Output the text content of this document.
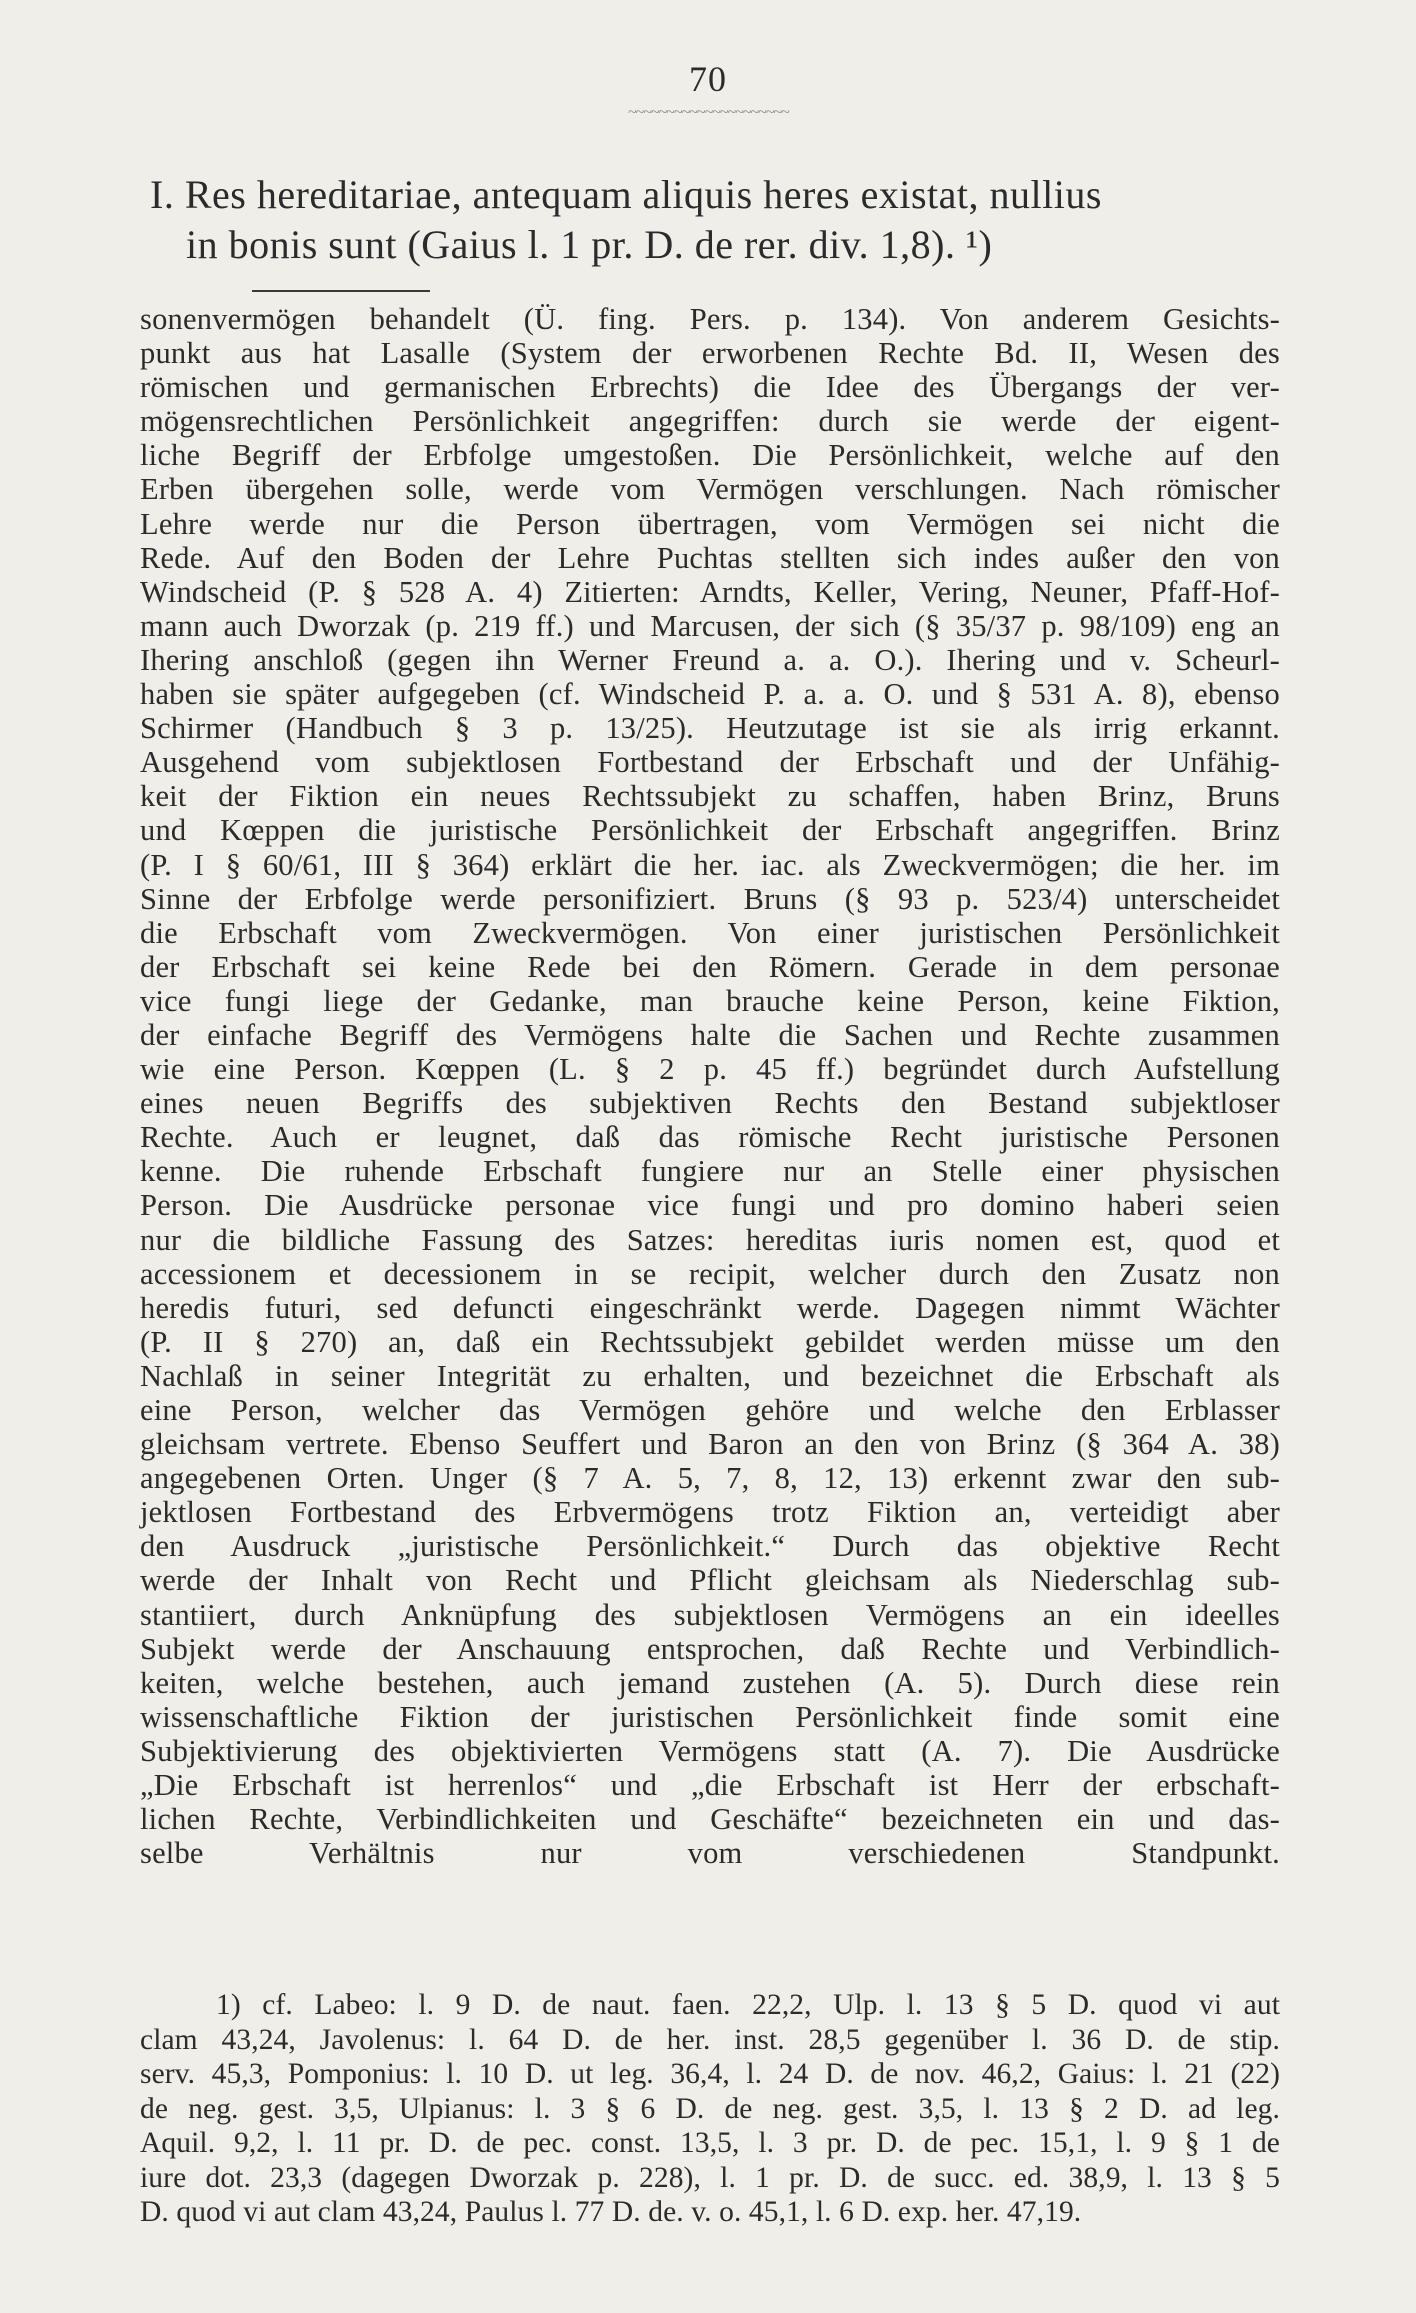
70
~~~~~~~~~~~~~~~~~~~~~
I. Res hereditariae, antequam aliquis heres existat, nullius
in bonis sunt (Gaius l. 1 pr. D. de rer. div. 1,8). ¹)
sonenvermögen behandelt (Ü. fing. Pers. p. 134). Von anderem Gesichts-
punkt aus hat Lasalle (System der erworbenen Rechte Bd. II, Wesen des
römischen und germanischen Erbrechts) die Idee des Übergangs der ver-
mögensrechtlichen Persönlichkeit angegriffen: durch sie werde der eigent-
liche Begriff der Erbfolge umgestoßen. Die Persönlichkeit, welche auf den
Erben übergehen solle, werde vom Vermögen verschlungen. Nach römischer
Lehre werde nur die Person übertragen, vom Vermögen sei nicht die
Rede. Auf den Boden der Lehre Puchtas stellten sich indes außer den von
Windscheid (P. § 528 A. 4) Zitierten: Arndts, Keller, Vering, Neuner, Pfaff-Hof-
mann auch Dworzak (p. 219 ff.) und Marcusen, der sich (§ 35/37 p. 98/109) eng an
Ihering anschloß (gegen ihn Werner Freund a. a. O.). Ihering und v. Scheurl-
haben sie später aufgegeben (cf. Windscheid P. a. a. O. und § 531 A. 8), ebenso
Schirmer (Handbuch § 3 p. 13/25). Heutzutage ist sie als irrig erkannt.
Ausgehend vom subjektlosen Fortbestand der Erbschaft und der Unfähig-
keit der Fiktion ein neues Rechtssubjekt zu schaffen, haben Brinz, Bruns
und Kœppen die juristische Persönlichkeit der Erbschaft angegriffen. Brinz
(P. I § 60/61, III § 364) erklärt die her. iac. als Zweckvermögen; die her. im
Sinne der Erbfolge werde personifiziert. Bruns (§ 93 p. 523/4) unterscheidet
die Erbschaft vom Zweckvermögen. Von einer juristischen Persönlichkeit
der Erbschaft sei keine Rede bei den Römern. Gerade in dem personae
vice fungi liege der Gedanke, man brauche keine Person, keine Fiktion,
der einfache Begriff des Vermögens halte die Sachen und Rechte zusammen
wie eine Person. Kœppen (L. § 2 p. 45 ff.) begründet durch Aufstellung
eines neuen Begriffs des subjektiven Rechts den Bestand subjektloser
Rechte. Auch er leugnet, daß das römische Recht juristische Personen
kenne. Die ruhende Erbschaft fungiere nur an Stelle einer physischen
Person. Die Ausdrücke personae vice fungi und pro domino haberi seien
nur die bildliche Fassung des Satzes: hereditas iuris nomen est, quod et
accessionem et decessionem in se recipit, welcher durch den Zusatz non
heredis futuri, sed defuncti eingeschränkt werde. Dagegen nimmt Wächter
(P. II § 270) an, daß ein Rechtssubjekt gebildet werden müsse um den
Nachlaß in seiner Integrität zu erhalten, und bezeichnet die Erbschaft als
eine Person, welcher das Vermögen gehöre und welche den Erblasser
gleichsam vertrete. Ebenso Seuffert und Baron an den von Brinz (§ 364 A. 38)
angegebenen Orten. Unger (§ 7 A. 5, 7, 8, 12, 13) erkennt zwar den sub-
jektlosen Fortbestand des Erbvermögens trotz Fiktion an, verteidigt aber
den Ausdruck „juristische Persönlichkeit.“ Durch das objektive Recht
werde der Inhalt von Recht und Pflicht gleichsam als Niederschlag sub-
stantiiert, durch Anknüpfung des subjektlosen Vermögens an ein ideelles
Subjekt werde der Anschauung entsprochen, daß Rechte und Verbindlich-
keiten, welche bestehen, auch jemand zustehen (A. 5). Durch diese rein
wissenschaftliche Fiktion der juristischen Persönlichkeit finde somit eine
Subjektivierung des objektivierten Vermögens statt (A. 7). Die Ausdrücke
„Die Erbschaft ist herrenlos“ und „die Erbschaft ist Herr der erbschaft-
lichen Rechte, Verbindlichkeiten und Geschäfte“ bezeichneten ein und das-
selbe Verhältnis nur vom verschiedenen Standpunkt.
1) cf. Labeo: l. 9 D. de naut. faen. 22,2, Ulp. l. 13 § 5 D. quod vi aut
clam 43,24, Javolenus: l. 64 D. de her. inst. 28,5 gegenüber l. 36 D. de stip.
serv. 45,3, Pomponius: l. 10 D. ut leg. 36,4, l. 24 D. de nov. 46,2, Gaius: l. 21 (22)
de neg. gest. 3,5, Ulpianus: l. 3 § 6 D. de neg. gest. 3,5, l. 13 § 2 D. ad leg.
Aquil. 9,2, l. 11 pr. D. de pec. const. 13,5, l. 3 pr. D. de pec. 15,1, l. 9 § 1 de
iure dot. 23,3 (dagegen Dworzak p. 228), l. 1 pr. D. de succ. ed. 38,9, l. 13 § 5
D. quod vi aut clam 43,24, Paulus l. 77 D. de. v. o. 45,1, l. 6 D. exp. her. 47,19.
